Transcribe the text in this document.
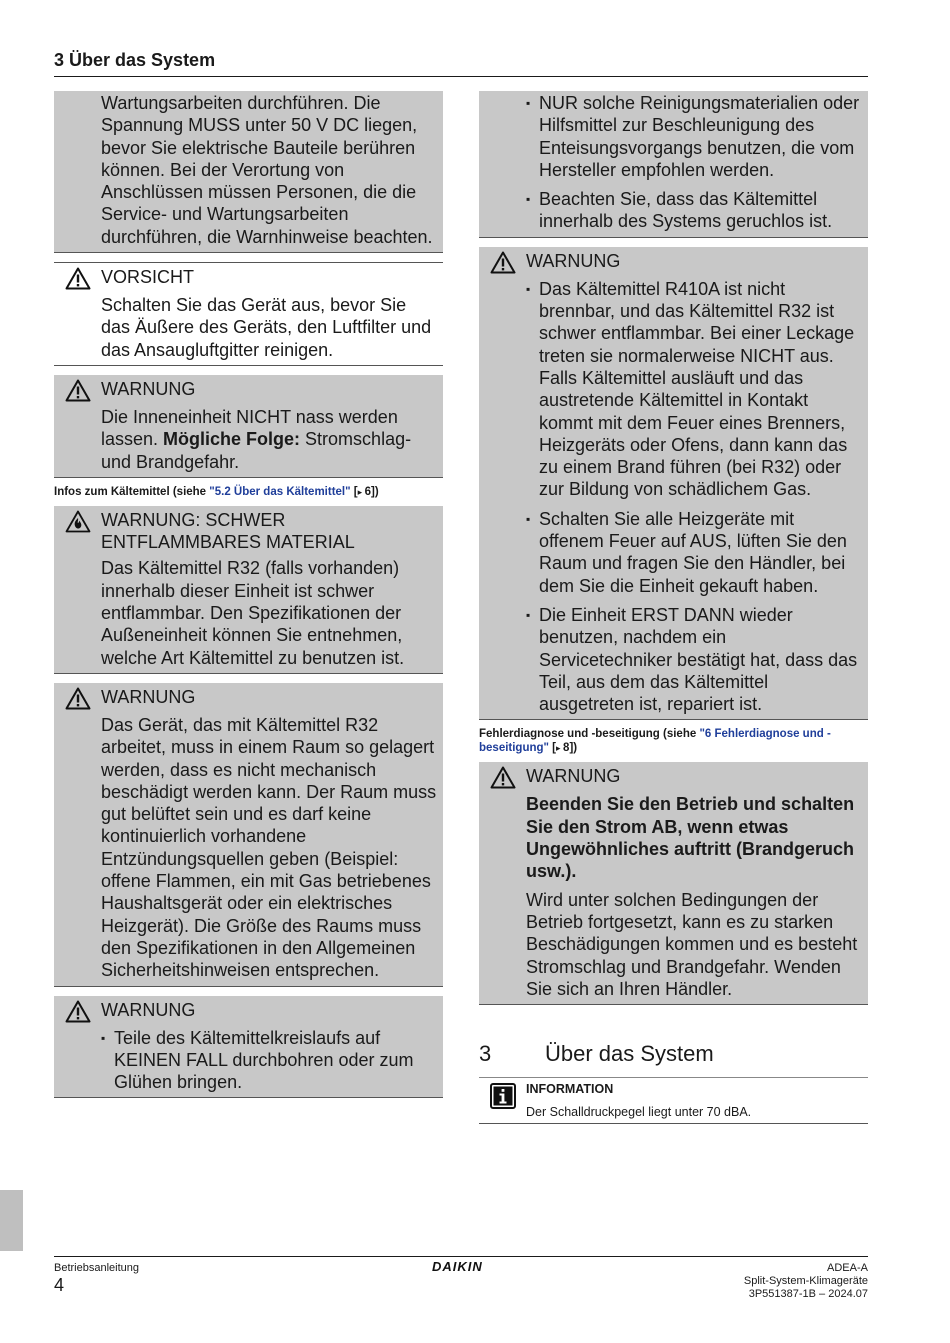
3 Über das System

Wartungsarbeiten durchführen. Die Spannung MUSS unter 50 V DC liegen, bevor Sie elektrische Bauteile berühren können. Bei der Verortung von Anschlüssen müssen Personen, die die Service- und Wartungsarbeiten durchführen, die Warnhinweise beachten.

VORSICHT

Schalten Sie das Gerät aus, bevor Sie das Äußere des Geräts, den Luftfilter und das Ansaugluftgitter reinigen.

WARNUNG

Die Inneneinheit NICHT nass werden lassen. Mögliche Folge: Stromschlag- und Brandgefahr.

Infos zum Kältemittel (siehe "5.2 Über das Kältemittel" [▸ 6])
WARNUNG: SCHWER ENTFLAMMBARES MATERIAL

Das Kältemittel R32 (falls vorhanden) innerhalb dieser Einheit ist schwer entflammbar. Den Spezifikationen der Außeneinheit können Sie entnehmen, welche Art Kältemittel zu benutzen ist.

WARNUNG

Das Gerät, das mit Kältemittel R32 arbeitet, muss in einem Raum so gelagert werden, dass es nicht mechanisch beschädigt werden kann. Der Raum muss gut belüftet sein und es darf keine kontinuierlich vorhandene Entzündungsquellen geben (Beispiel: offene Flammen, ein mit Gas betriebenes Haushaltsgerät oder ein elektrisches Heizgerät). Die Größe des Raums muss den Spezifikationen in den Allgemeinen Sicherheitshinweisen entsprechen.

WARNUNG
▪ Teile des Kältemittelkreislaufs auf KEINEN FALL durchbohren oder zum Glühen bringen.
▪ NUR solche Reinigungsmaterialien oder Hilfsmittel zur Beschleunigung des Enteisungsvorgangs benutzen, die vom Hersteller empfohlen werden.
▪ Beachten Sie, dass das Kältemittel innerhalb des Systems geruchlos ist.
WARNUNG
▪ Das Kältemittel R410A ist nicht brennbar, und das Kältemittel R32 ist schwer entflammbar. Bei einer Leckage treten sie normalerweise NICHT aus. Falls Kältemittel ausläuft und das austretende Kältemittel in Kontakt kommt mit dem Feuer eines Brenners, Heizgeräts oder Ofens, dann kann das zu einem Brand führen (bei R32) oder zur Bildung von schädlichem Gas.
▪ Schalten Sie alle Heizgeräte mit offenem Feuer auf AUS, lüften Sie den Raum und fragen Sie den Händler, bei dem Sie die Einheit gekauft haben.
▪ Die Einheit ERST DANN wieder benutzen, nachdem ein Servicetechniker bestätigt hat, dass das Teil, aus dem das Kältemittel ausgetreten ist, repariert ist.
Fehlerdiagnose und -beseitigung (siehe "6 Fehlerdiagnose und -beseitigung" [▸ 8])
WARNUNG

Beenden Sie den Betrieb und schalten Sie den Strom AB, wenn etwas Ungewöhnliches auftritt (Brandgeruch usw.).

Wird unter solchen Bedingungen der Betrieb fortgesetzt, kann es zu starken Beschädigungen kommen und es besteht Stromschlag und Brandgefahr. Wenden Sie sich an Ihren Händler.

3	Über das System
INFORMATION
Der Schalldruckpegel liegt unter 70 dBA.
Betriebsanleitung
4
DAIKIN	ADEA-A
Split-System-Klimageräte
3P551387-1B – 2024.07
